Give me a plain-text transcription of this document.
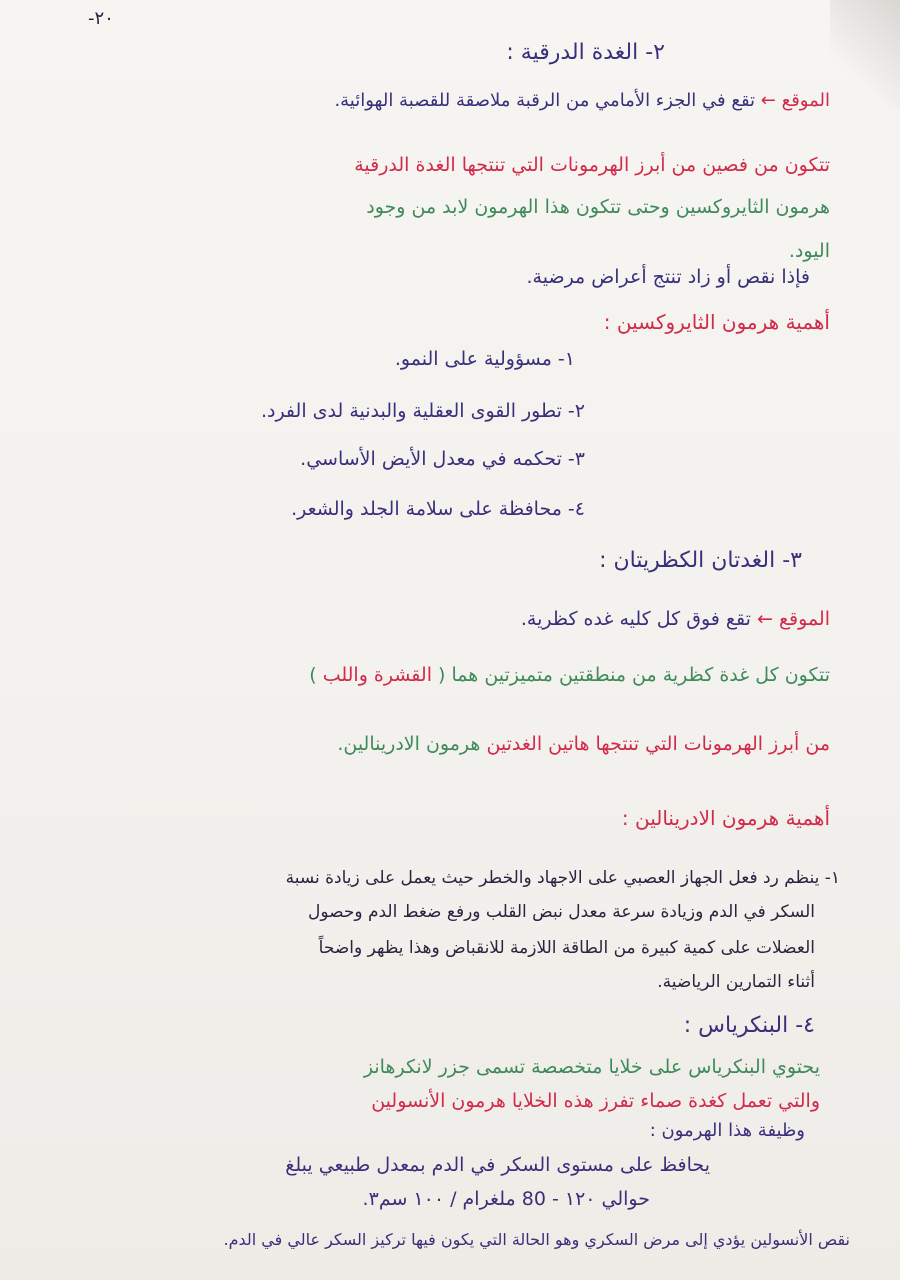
٢٠-

٢- الغدة الدرقية :

الموقع ← تقع في الجزء الأمامي من الرقبة ملاصقة للقصبة الهوائية.

تتكون من فصين من أبرز الهرمونات التي تنتجها الغدة الدرقية

هرمون الثايروكسين وحتى تتكون هذا الهرمون لابد من وجود

اليود.

فإذا نقص أو زاد تنتج أعراض مرضية.

أهمية هرمون الثايروكسين :

١- مسؤولية على النمو.

٢- تطور القوى العقلية والبدنية لدى الفرد.

٣- تحكمه في معدل الأيض الأساسي.

٤- محافظة على سلامة الجلد والشعر.

٣- الغدتان الكظريتان :

الموقع ← تقع فوق كل كليه غده كظرية.

تتكون كل غدة كظرية من منطقتين متميزتين هما ( القشرة واللب )

من أبرز الهرمونات التي تنتجها هاتين الغدتين هرمون الادرينالين.

أهمية هرمون الادرينالين :

١- ينظم رد فعل الجهاز العصبي على الاجهاد والخطر حيث يعمل على زيادة نسبة

السكر في الدم وزيادة سرعة معدل نبض القلب ورفع ضغط الدم وحصول

العضلات على كمية كبيرة من الطاقة اللازمة للانقباض وهذا يظهر واضحاً

أثناء التمارين الرياضية.

٤- البنكرياس :

يحتوي البنكرياس على خلايا متخصصة تسمى جزر لانكرهانز

والتي تعمل كغدة صماء تفرز هذه الخلايا هرمون الأنسولين

وظيفة هذا الهرمون :

يحافظ على مستوى السكر في الدم بمعدل طبيعي يبلغ

حوالي ١٢٠ - 80 ملغرام / ١٠٠ سم٣.

نقص الأنسولين يؤدي إلى مرض السكري وهو الحالة التي يكون فيها تركيز السكر عالي في الدم.
